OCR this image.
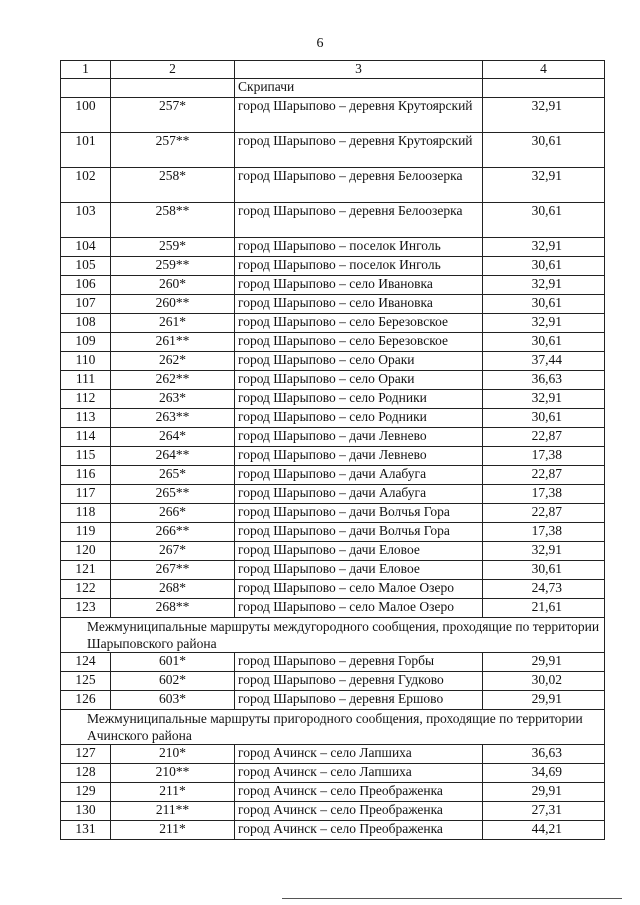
6
1	2	3	4
		Скрипачи	
100	257*	город Шарыпово – деревня Крутоярский	32,91
101	257**	город Шарыпово – деревня Крутоярский	30,61
102	258*	город Шарыпово – деревня Белоозерка	32,91
103	258**	город Шарыпово – деревня Белоозерка	30,61
104	259*	город Шарыпово – поселок Инголь	32,91
105	259**	город Шарыпово – поселок Инголь	30,61
106	260*	город Шарыпово – село Ивановка	32,91
107	260**	город Шарыпово – село Ивановка	30,61
108	261*	город Шарыпово – село Березовское	32,91
109	261**	город Шарыпово – село Березовское	30,61
110	262*	город Шарыпово – село Ораки	37,44
111	262**	город Шарыпово – село Ораки	36,63
112	263*	город Шарыпово – село Родники	32,91
113	263**	город Шарыпово – село Родники	30,61
114	264*	город Шарыпово – дачи Левнево	22,87
115	264**	город Шарыпово – дачи Левнево	17,38
116	265*	город Шарыпово – дачи Алабуга	22,87
117	265**	город Шарыпово – дачи Алабуга	17,38
118	266*	город Шарыпово – дачи Волчья Гора	22,87
119	266**	город Шарыпово – дачи Волчья Гора	17,38
120	267*	город Шарыпово – дачи Еловое	32,91
121	267**	город Шарыпово – дачи Еловое	30,61
122	268*	город Шарыпово – село Малое Озеро	24,73
123	268**	город Шарыпово – село Малое Озеро	21,61
Межмуниципальные маршруты междугородного сообщения, проходящие по территории Шарыповского района			
124	601*	город Шарыпово – деревня Горбы	29,91
125	602*	город Шарыпово – деревня Гудково	30,02
126	603*	город Шарыпово – деревня Ершово	29,91
Межмуниципальные маршруты пригородного сообщения, проходящие по территории Ачинского района			
127	210*	город Ачинск – село Лапшиха	36,63
128	210**	город Ачинск – село Лапшиха	34,69
129	211*	город Ачинск – село Преображенка	29,91
130	211**	город Ачинск – село Преображенка	27,31
131	211*	город Ачинск – село Преображенка	44,21
